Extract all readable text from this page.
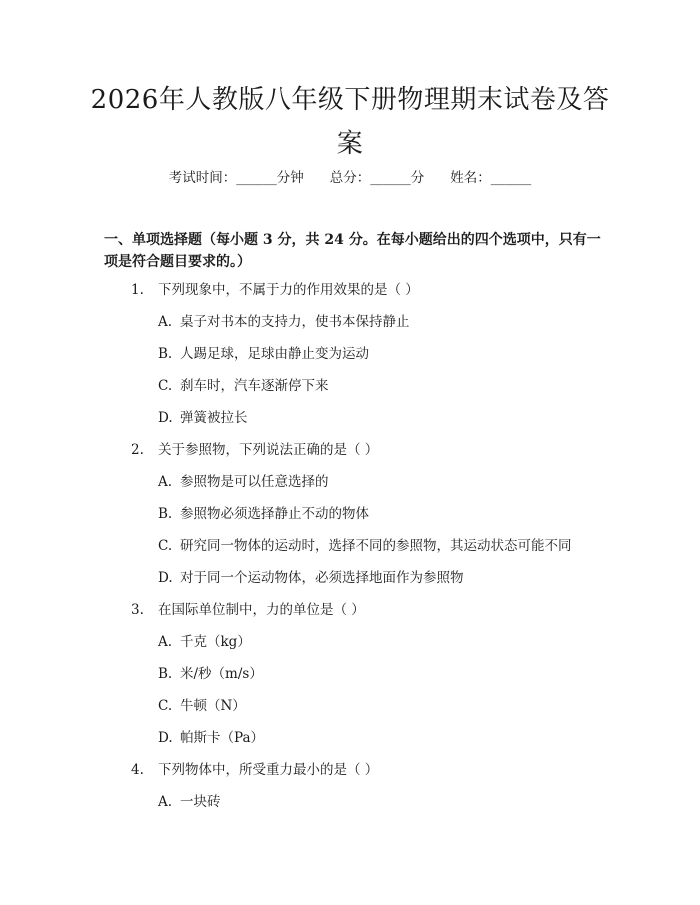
2026年人教版八年级下册物理期末试卷及答案
考试时间：______分钟 总分：______分 姓名：______
一、单项选择题（每小题 3 分，共 24 分。在每小题给出的四个选项中，只有一项是符合题目要求的。）
1. 下列现象中，不属于力的作用效果的是（ ）
A. 桌子对书本的支持力，使书本保持静止
B. 人踢足球，足球由静止变为运动
C. 刹车时，汽车逐渐停下来
D. 弹簧被拉长
2. 关于参照物，下列说法正确的是（ ）
A. 参照物是可以任意选择的
B. 参照物必须选择静止不动的物体
C. 研究同一物体的运动时，选择不同的参照物，其运动状态可能不同
D. 对于同一个运动物体，必须选择地面作为参照物
3. 在国际单位制中，力的单位是（ ）
A. 千克（kg）
B. 米/秒（m/s）
C. 牛顿（N）
D. 帕斯卡（Pa）
4. 下列物体中，所受重力最小的是（ ）
A. 一块砖
